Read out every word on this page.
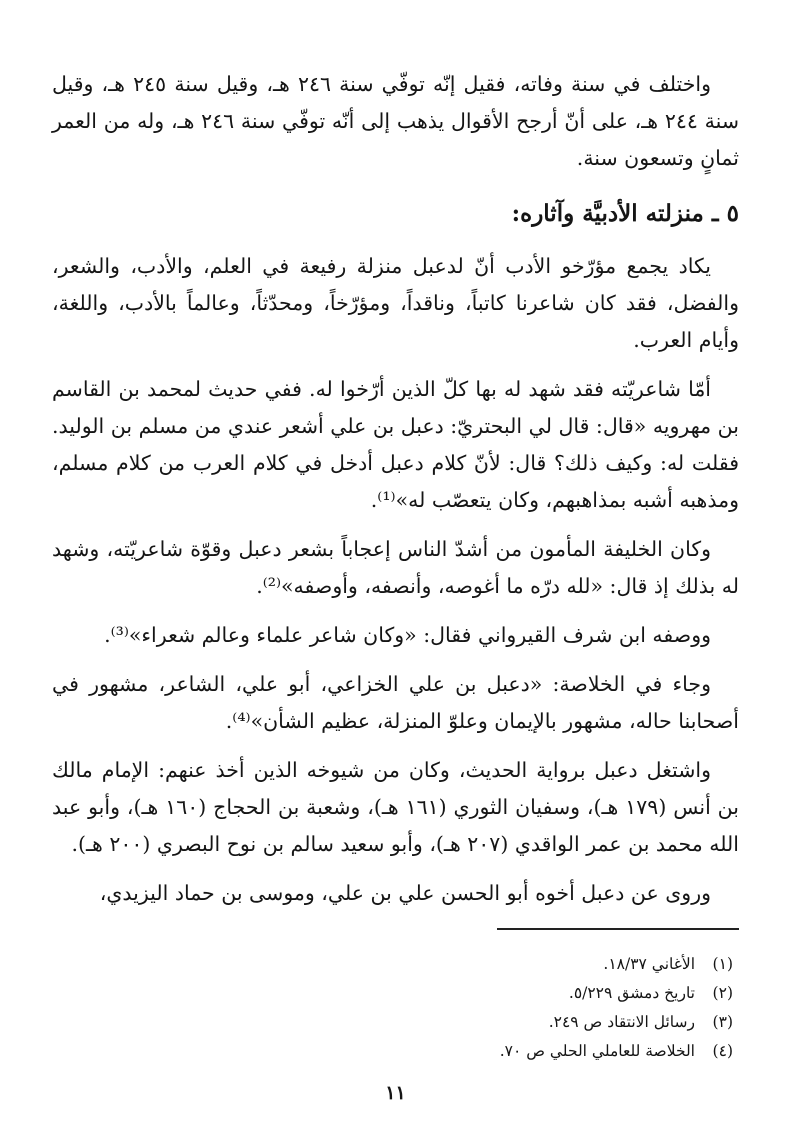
واختلف في سنة وفاته، فقيل إنّه توفّي سنة ٢٤٦ هـ، وقيل سنة ٢٤٥ هـ، وقيل سنة ٢٤٤ هـ، على أنّ أرجح الأقوال يذهب إلى أنّه توفّي سنة ٢٤٦ هـ، وله من العمر ثمانٍ وتسعون سنة.

٥ ـ منزلته الأدبيَّة وآثاره:

يكاد يجمع مؤرّخو الأدب أنّ لدعبل منزلة رفيعة في العلم، والأدب، والشعر، والفضل، فقد كان شاعرنا كاتباً، وناقداً، ومؤرّخاً، ومحدّثاً، وعالماً بالأدب، واللغة، وأيام العرب.

أمّا شاعريّته فقد شهد له بها كلّ الذين أرّخوا له. ففي حديث لمحمد بن القاسم بن مهرويه «قال: قال لي البحتريّ: دعبل بن علي أشعر عندي من مسلم بن الوليد. فقلت له: وكيف ذلك؟ قال: لأنّ كلام دعبل أدخل في كلام العرب من كلام مسلم، ومذهبه أشبه بمذاهبهم، وكان يتعصّب له»⁽¹⁾.

وكان الخليفة المأمون من أشدّ الناس إعجاباً بشعر دعبل وقوّة شاعريّته، وشهد له بذلك إذ قال: «لله درّه ما أغوصه، وأنصفه، وأوصفه»⁽²⁾.

ووصفه ابن شرف القيرواني فقال: «وكان شاعر علماء وعالم شعراء»⁽³⁾.

وجاء في الخلاصة: «دعبل بن علي الخزاعي، أبو علي، الشاعر، مشهور في أصحابنا حاله، مشهور بالإيمان وعلوّ المنزلة، عظيم الشأن»⁽⁴⁾.

واشتغل دعبل برواية الحديث، وكان من شيوخه الذين أخذ عنهم: الإمام مالك بن أنس (١٧٩ هـ)، وسفيان الثوري (١٦١ هـ)، وشعبة بن الحجاج (١٦٠ هـ)، وأبو عبد الله محمد بن عمر الواقدي (٢٠٧ هـ)، وأبو سعيد سالم بن نوح البصري (٢٠٠ هـ).

وروى عن دعبل أخوه أبو الحسن علي بن علي، وموسى بن حماد اليزيدي،

(١)
الأغاني ١٨/٣٧.
(٢)
تاريخ دمشق ٥/٢٢٩.
(٣)
رسائل الانتقاد ص ٢٤٩.
(٤)
الخلاصة للعاملي الحلي ص ٧٠.
١١
